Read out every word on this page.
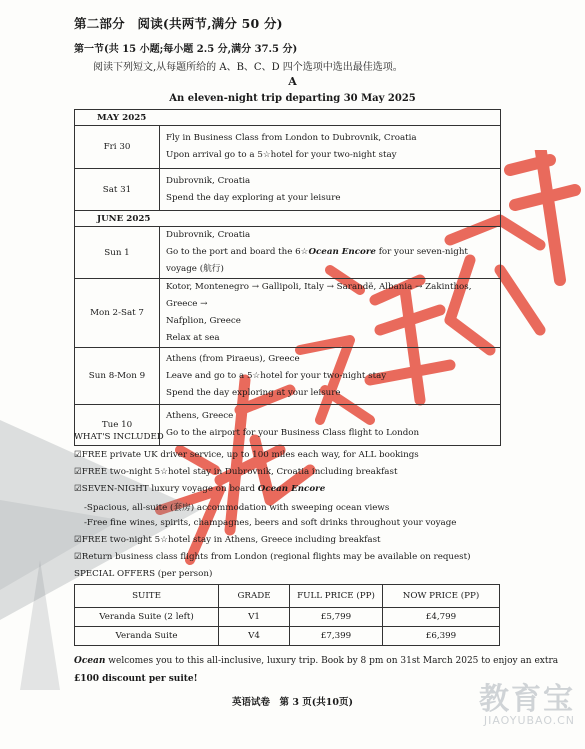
第二部分　阅读(共两节,满分 50 分)
第一节(共 15 小题;每小题 2.5 分,满分 37.5 分)
阅读下列短文,从每题所给的 A、B、C、D 四个选项中选出最佳选项。
A
An eleven-night trip departing 30 May 2025
MAY 2025	
Fri 30	Fly in Business Class from London to Dubrovnik, Croatia
Upon arrival go to a 5☆hotel for your two-night stay

Sat 31	Dubrovnik, Croatia
Spend the day exploring at your leisure

JUNE 2025	
Sun 1	Dubrovnik, Croatia
Go to the port and board the 6☆Ocean Encore for your seven-night voyage (航行)

Mon 2-Sat 7	Kotor, Montenegro → Gallipoli, Italy → Sarandë, Albania → Zakinthos, Greece →
Nafplion, Greece
Relax at sea

Sun 8-Mon 9	Athens (from Piraeus), Greece
Leave and go to a 5☆hotel for your two-night stay
Spend the day exploring at your leisure

Tue 10	Athens, Greece
Go to the airport for your Business Class flight to London
WHAT'S INCLUDED
☑FREE private UK driver service, up to 100 miles each way, for ALL bookings
☑FREE two-night 5☆hotel stay in Dubrovnik, Croatia including breakfast
☑SEVEN-NIGHT luxury voyage on board Ocean Encore
-Spacious, all-suite (套房) accommodation with sweeping ocean views
-Free fine wines, spirits, champagnes, beers and soft drinks throughout your voyage
☑FREE two-night 5☆hotel stay in Athens, Greece including breakfast
☑Return business class flights from London (regional flights may be available on request)
SPECIAL OFFERS (per person)
SUITE	GRADE	FULL PRICE (PP)	NOW PRICE (PP)
Veranda Suite (2 left)	V1	£5,799	£4,799
Veranda Suite	V4	£7,399	£6,399
Ocean welcomes you to this all-inclusive, luxury trip. Book by 8 pm on 31st March 2025 to enjoy an extra
£100 discount per suite!
英语试卷　第 3 页(共10页)	教育宝
JIAOYUBAO.CN
